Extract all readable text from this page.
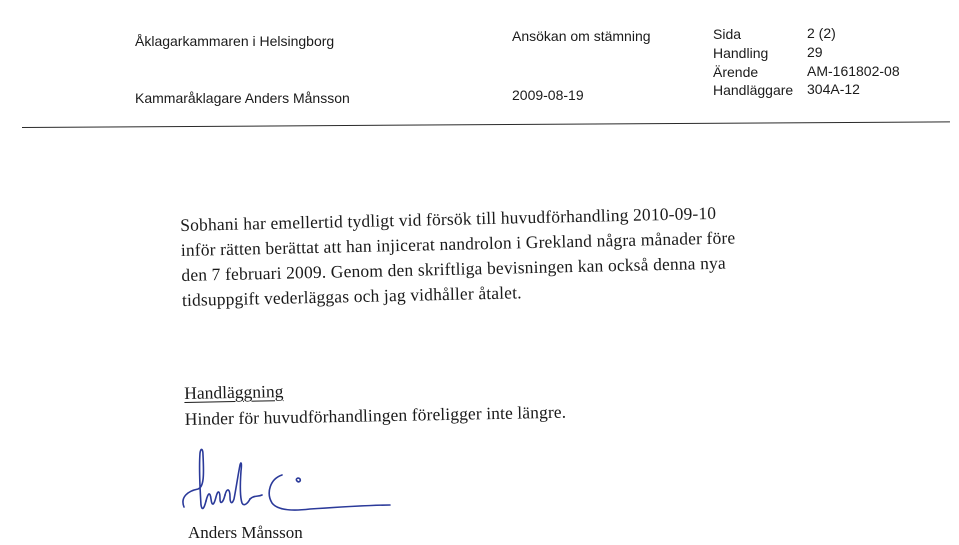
Åklagarkammaren i Helsingborg
Kammaråklagare Anders Månsson
Ansökan om stämning
2009-08-19
Sida	2 (2)
Handling	29
Ärende	AM-161802-08
Handläggare 304A-12
Sobhani har emellertid tydligt vid försök till huvudförhandling 2010-09-10
inför rätten berättat att han injicerat nandrolon i Grekland några månader före
den 7 februari 2009. Genom den skriftliga bevisningen kan också denna nya
tidsuppgift vederläggas och jag vidhåller åtalet.
Handläggning
Hinder för huvudförhandlingen föreligger inte längre.
Anders Månsson
